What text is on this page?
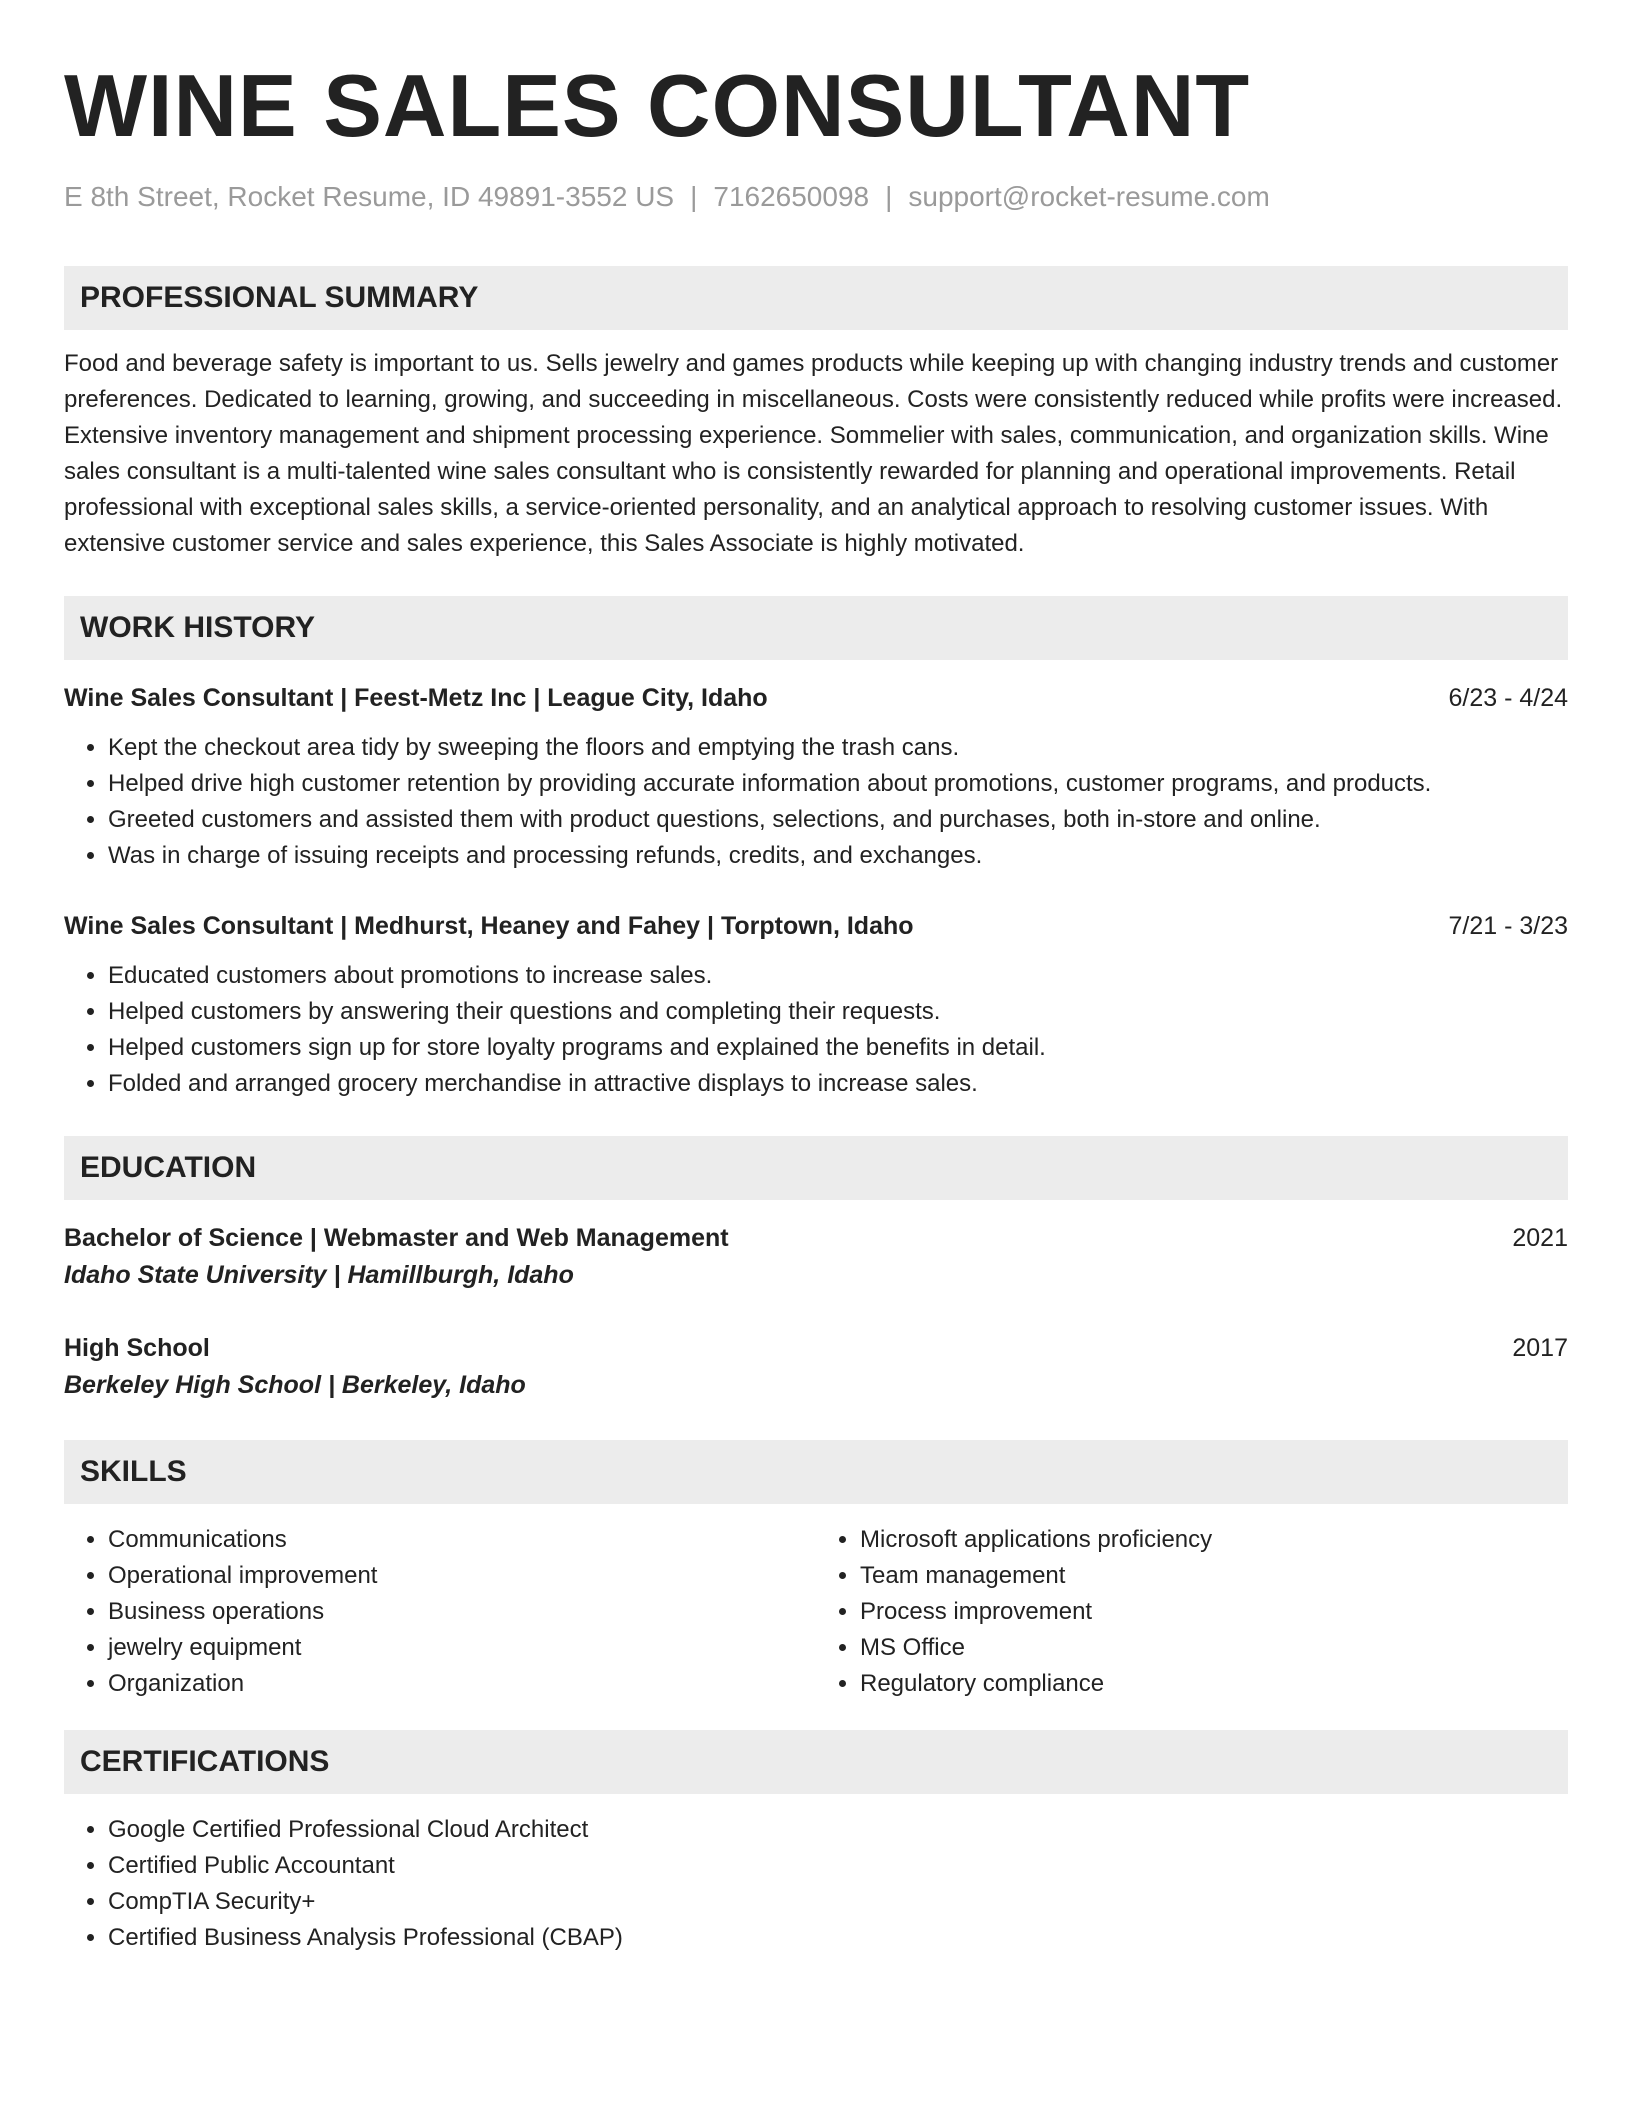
WINE SALES CONSULTANT
E 8th Street, Rocket Resume, ID 49891-3552 US | 7162650098 | support@rocket-resume.com
PROFESSIONAL SUMMARY

Food and beverage safety is important to us. Sells jewelry and games products while keeping up with changing industry trends and customer preferences. Dedicated to learning, growing, and succeeding in miscellaneous. Costs were consistently reduced while profits were increased. Extensive inventory management and shipment processing experience. Sommelier with sales, communication, and organization skills. Wine sales consultant is a multi-talented wine sales consultant who is consistently rewarded for planning and operational improvements. Retail professional with exceptional sales skills, a service-oriented personality, and an analytical approach to resolving customer issues. With extensive customer service and sales experience, this Sales Associate is highly motivated.

WORK HISTORY
Wine Sales Consultant | Feest-Metz Inc | League City, Idaho	6/23 - 4/24
• Kept the checkout area tidy by sweeping the floors and emptying the trash cans.
• Helped drive high customer retention by providing accurate information about promotions, customer programs, and products.
• Greeted customers and assisted them with product questions, selections, and purchases, both in-store and online.
• Was in charge of issuing receipts and processing refunds, credits, and exchanges.
Wine Sales Consultant | Medhurst, Heaney and Fahey | Torptown, Idaho	7/21 - 3/23
• Educated customers about promotions to increase sales.
• Helped customers by answering their questions and completing their requests.
• Helped customers sign up for store loyalty programs and explained the benefits in detail.
• Folded and arranged grocery merchandise in attractive displays to increase sales.
EDUCATION
Bachelor of Science | Webmaster and Web Management	2021
Idaho State University | Hamillburgh, Idaho
High School	2017
Berkeley High School | Berkeley, Idaho
SKILLS
• Communications
• Operational improvement
• Business operations
• jewelry equipment
• Organization
• Microsoft applications proficiency
• Team management
• Process improvement
• MS Office
• Regulatory compliance
CERTIFICATIONS
• Google Certified Professional Cloud Architect
• Certified Public Accountant
• CompTIA Security+
• Certified Business Analysis Professional (CBAP)
